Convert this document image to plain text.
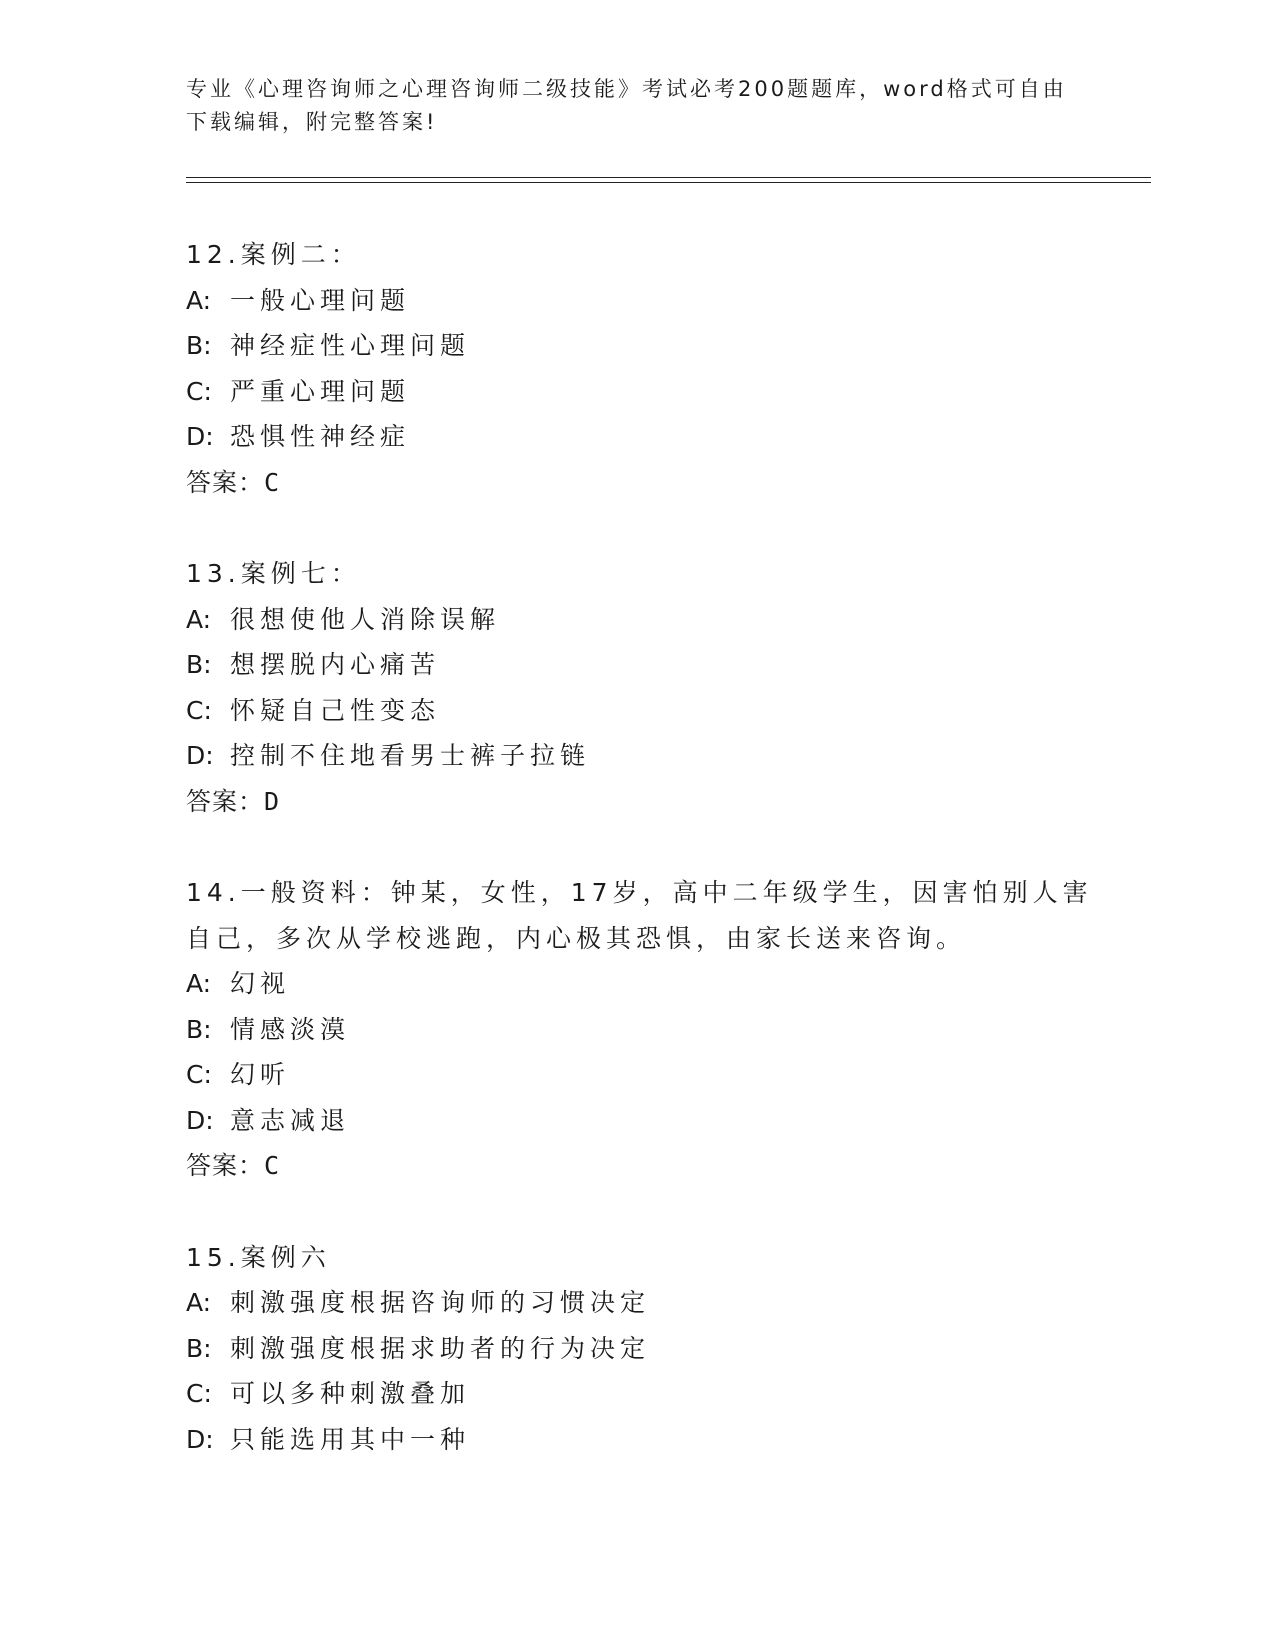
专业《心理咨询师之心理咨询师二级技能》考试必考200题题库，word格式可自由下载编辑，附完整答案!
12.案例二：
A: 一般心理问题
B: 神经症性心理问题
C: 严重心理问题
D: 恐惧性神经症
答案：C
13.案例七：
A: 很想使他人消除误解
B: 想摆脱内心痛苦
C: 怀疑自己性变态
D: 控制不住地看男士裤子拉链
答案：D
14.一般资料：钟某，女性，17岁，高中二年级学生，因害怕别人害自己，多次从学校逃跑，内心极其恐惧，由家长送来咨询。
A: 幻视
B: 情感淡漠
C: 幻听
D: 意志减退
答案：C
15.案例六
A: 刺激强度根据咨询师的习惯决定
B: 刺激强度根据求助者的行为决定
C: 可以多种刺激叠加
D: 只能选用其中一种
